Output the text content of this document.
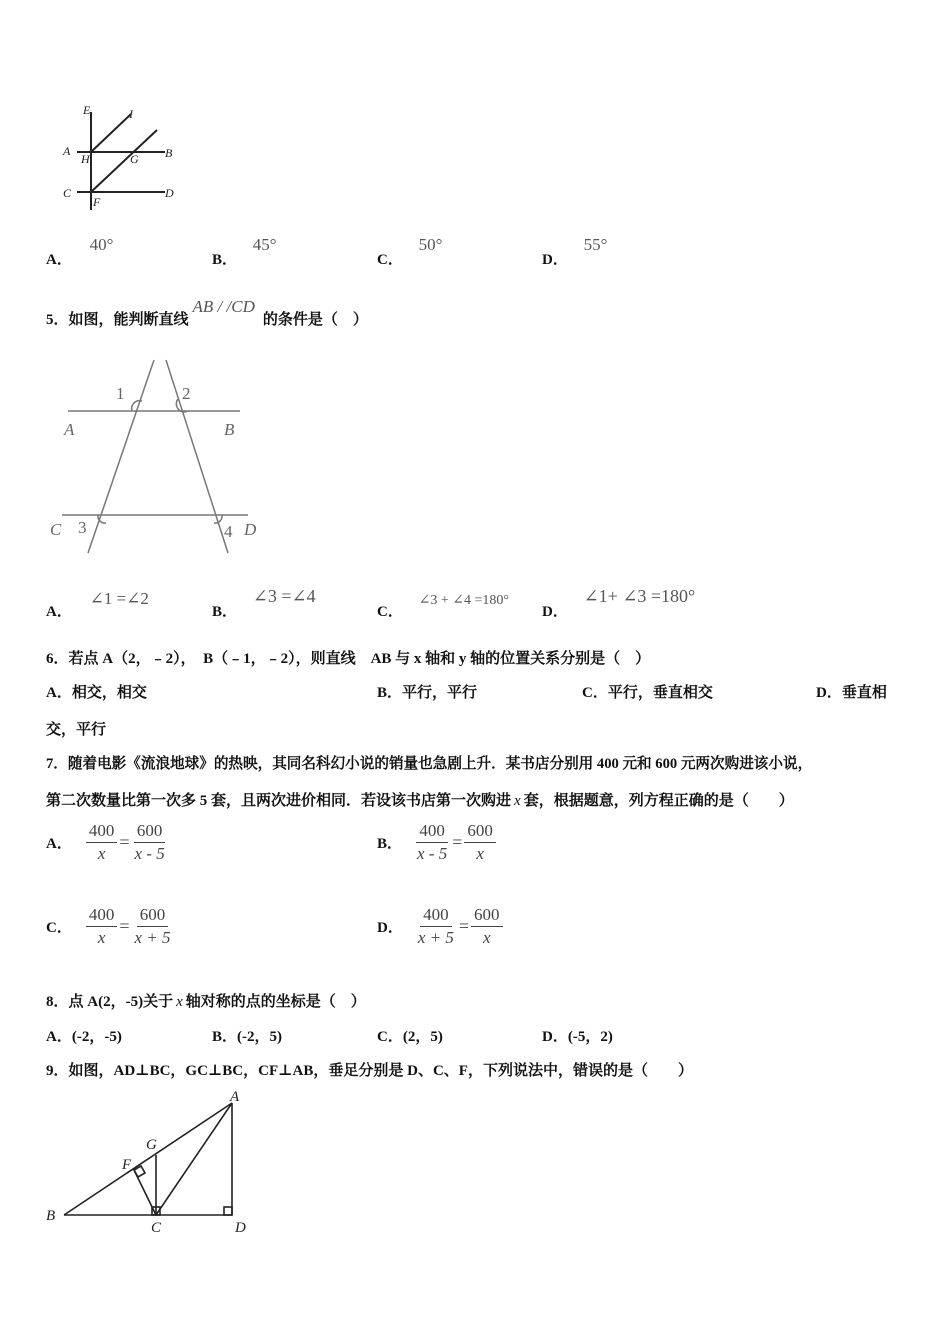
E	I
A
H	G B
C
F
D
A． 40°
B． 45°
C． 50°
D． 55°
5．如图，能判断直线AB / /CD的条件是（　）
1	2
3	4
A	B
C	D
A． ∠1 =∠2
B． ∠3 =∠4
C． ∠3 + ∠4 =180°
D． ∠1+ ∠3 =180°
6．若点 A（2，﹣2），　B（﹣1，﹣2），则直线　AB 与 x 轴和 y 轴的位置关系分别是（　）
A．相交，相交	B．平行，平行	C．平行，垂直相交	D．垂直相
交，平行
7．随着电影《流浪地球》的热映，其同名科幻小说的销量也急剧上升．某书店分别用 400 元和 600 元两次购进该小说，
第二次数量比第一次多 5 套，且两次进价相同．若设该书店第一次购进 x 套，根据题意，列方程正确的是（　　）
A． $\frac{400}{x} = \frac{600}{x - 5}$	B． $\frac{400}{x - 5} = \frac{600}{x}$
C． $\frac{400}{x} = \frac{600}{x + 5}$	D． $\frac{400}{x + 5} = \frac{600}{x}$
8．点 A(2，-5)关于 x 轴对称的点的坐标是（　）
A．(-2，-5)	B．(-2，5)	C．(2，5)	D．(-5，2)
9．如图，AD⊥BC，GC⊥BC，CF⊥AB，垂足分别是 D、C、F，下列说法中，错误的是（　　）
A
G
F
B
C	D
